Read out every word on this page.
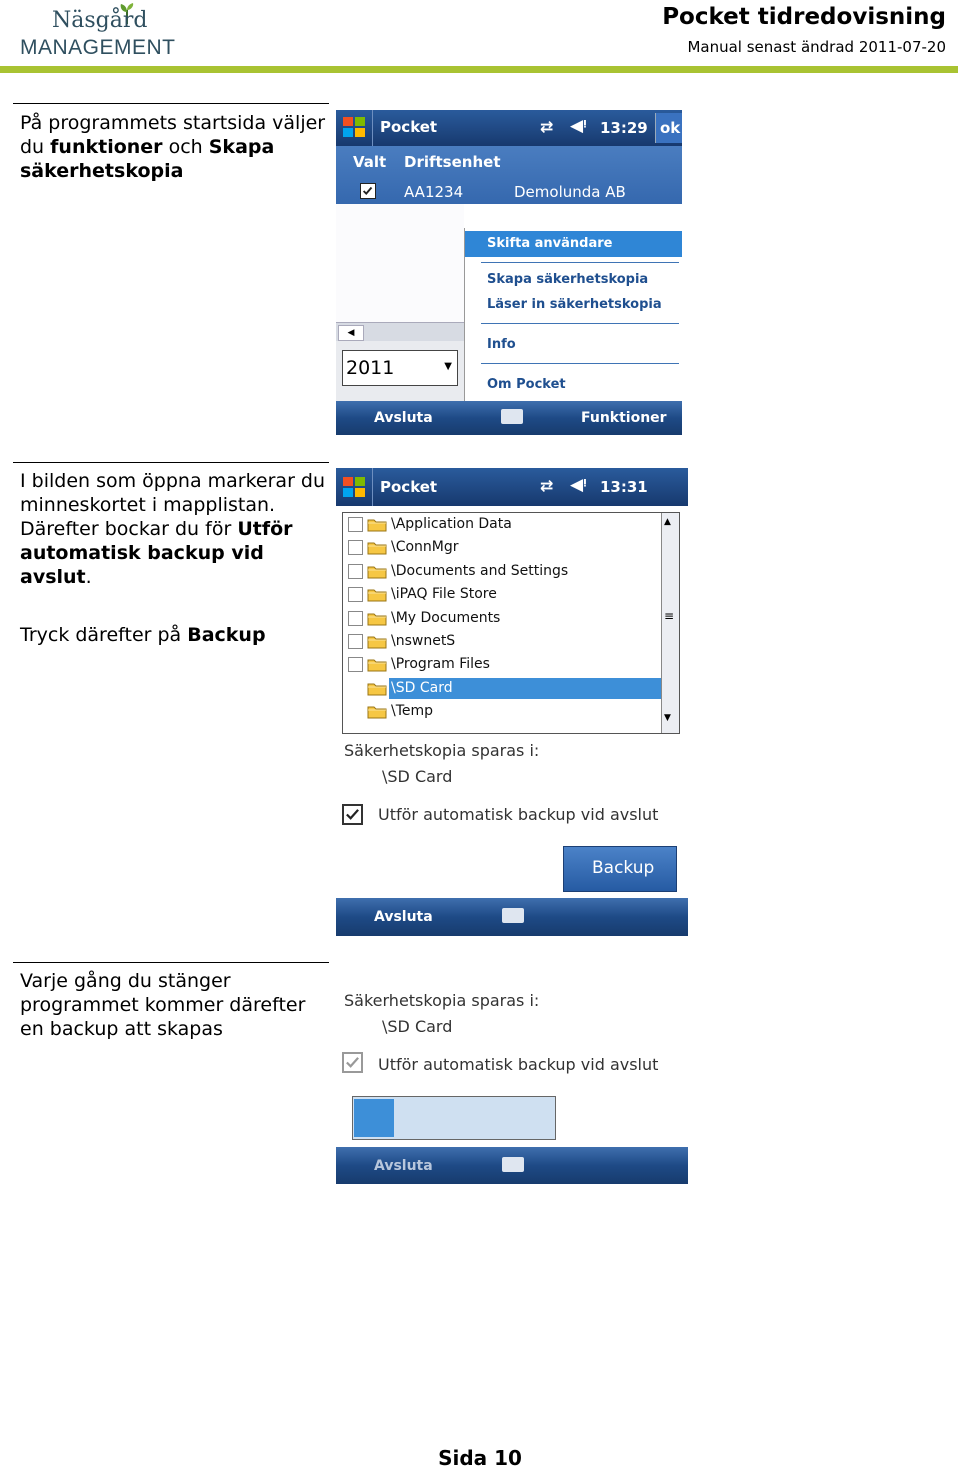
Näsgård
MANAGEMENT
Pocket tidredovisning
Manual senast ändrad 2011-07-20
På programmets startsida väljer du funktioner och Skapa säkerhetskopia
Pocket	⇄ ◀ᵎ 13:29 ok
Valt Driftsenhet
AA1234	Demolunda AB
◀
2011	▼
Skifta användare
Skapa säkerhetskopia
Läser in säkerhetskopia
Info
Om Pocket
Avsluta	Funktioner
I bilden som öppna markerar du minneskortet i mapplistan. Därefter bockar du för Utför automatisk backup vid avslut.
Tryck därefter på Backup
Pocket	⇄ ◀ᵎ 13:31
\Application Data
\ConnMgr
\Documents and Settings
\iPAQ File Store
\My Documents
\nswnetS
\Program Files
\SD Card
\Temp
▲
≡
▼
Säkerhetskopia sparas i:
\SD Card
Utför automatisk backup vid avslut
Backup
Avsluta
Varje gång du stänger programmet kommer därefter en backup att skapas
Säkerhetskopia sparas i:
\SD Card
Utför automatisk backup vid avslut
Avsluta
Sida 10
